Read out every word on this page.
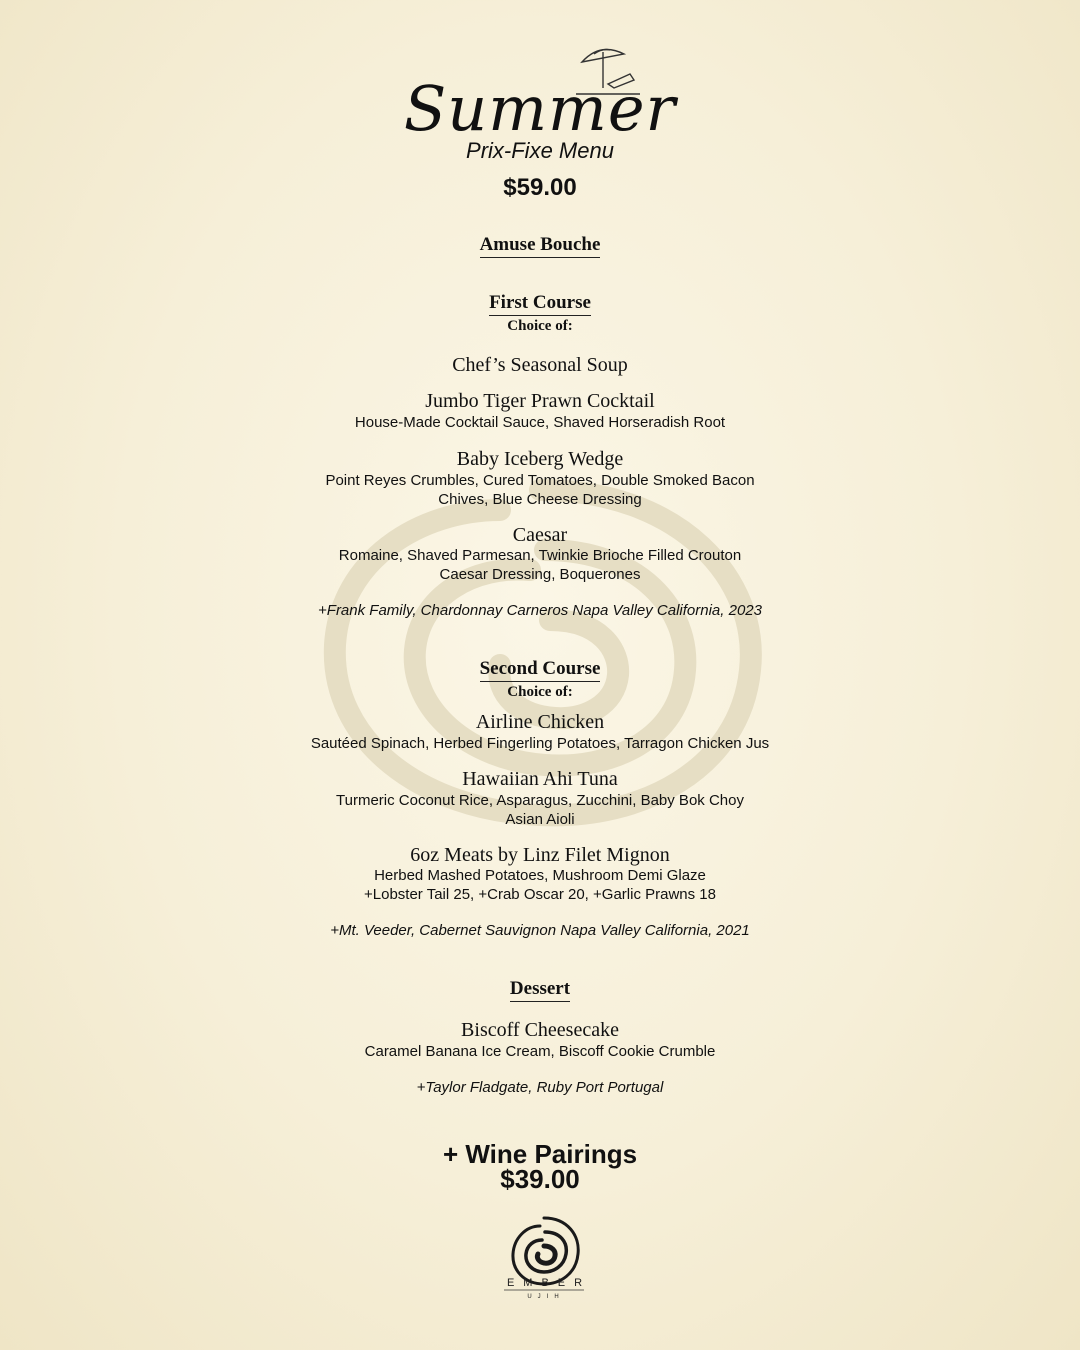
Summer
Prix-Fixe Menu
$59.00
Amuse Bouche
First Course
Choice of:
Chef’s Seasonal Soup
Jumbo Tiger Prawn Cocktail
House-Made Cocktail Sauce, Shaved Horseradish Root
Baby Iceberg Wedge
Point Reyes Crumbles, Cured Tomatoes, Double Smoked Bacon
Chives, Blue Cheese Dressing
Caesar
Romaine, Shaved Parmesan, Twinkie Brioche Filled Crouton
Caesar Dressing, Boquerones
+Frank Family, Chardonnay Carneros Napa Valley California, 2023
Second Course
Choice of:
Airline Chicken
Sautéed Spinach, Herbed Fingerling Potatoes, Tarragon Chicken Jus
Hawaiian Ahi Tuna
Turmeric Coconut Rice, Asparagus, Zucchini, Baby Bok Choy
Asian Aioli
6oz Meats by Linz Filet Mignon
Herbed Mashed Potatoes, Mushroom Demi Glaze
+Lobster Tail 25, +Crab Oscar 20, +Garlic Prawns 18
+Mt. Veeder, Cabernet Sauvignon Napa Valley California, 2021
Dessert
Biscoff Cheesecake
Caramel Banana Ice Cream, Biscoff Cookie Crumble
+Taylor Fladgate, Ruby Port Portugal
+ Wine Pairings
$39.00
EMBER
UJIH
